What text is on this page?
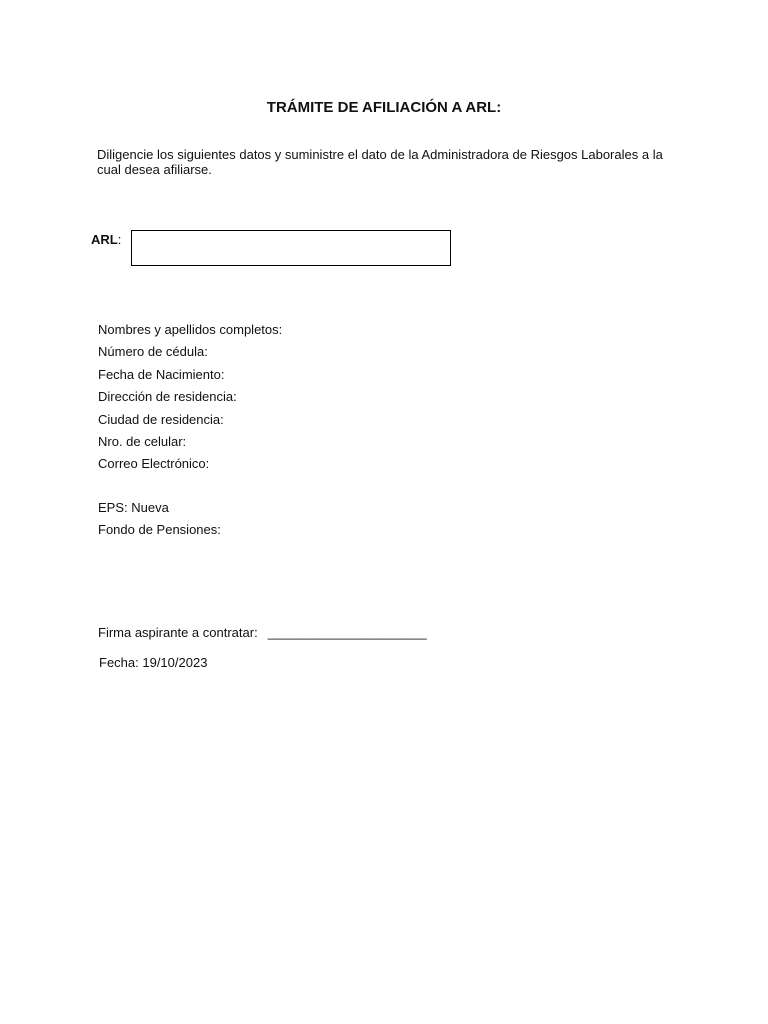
TRÁMITE DE AFILIACIÓN A ARL:

Diligencie los siguientes datos y suministre el dato de la Administradora de Riesgos Laborales a la cual desea afiliarse.

ARL:
Nombres y apellidos completos:
Número de cédula:
Fecha de Nacimiento:
Dirección de residencia:
Ciudad de residencia:
Nro. de celular:
Correo Electrónico:
EPS: Nueva
Fondo de Pensiones:
Firma aspirante a contratar: ______________________
Fecha: 19/10/2023
